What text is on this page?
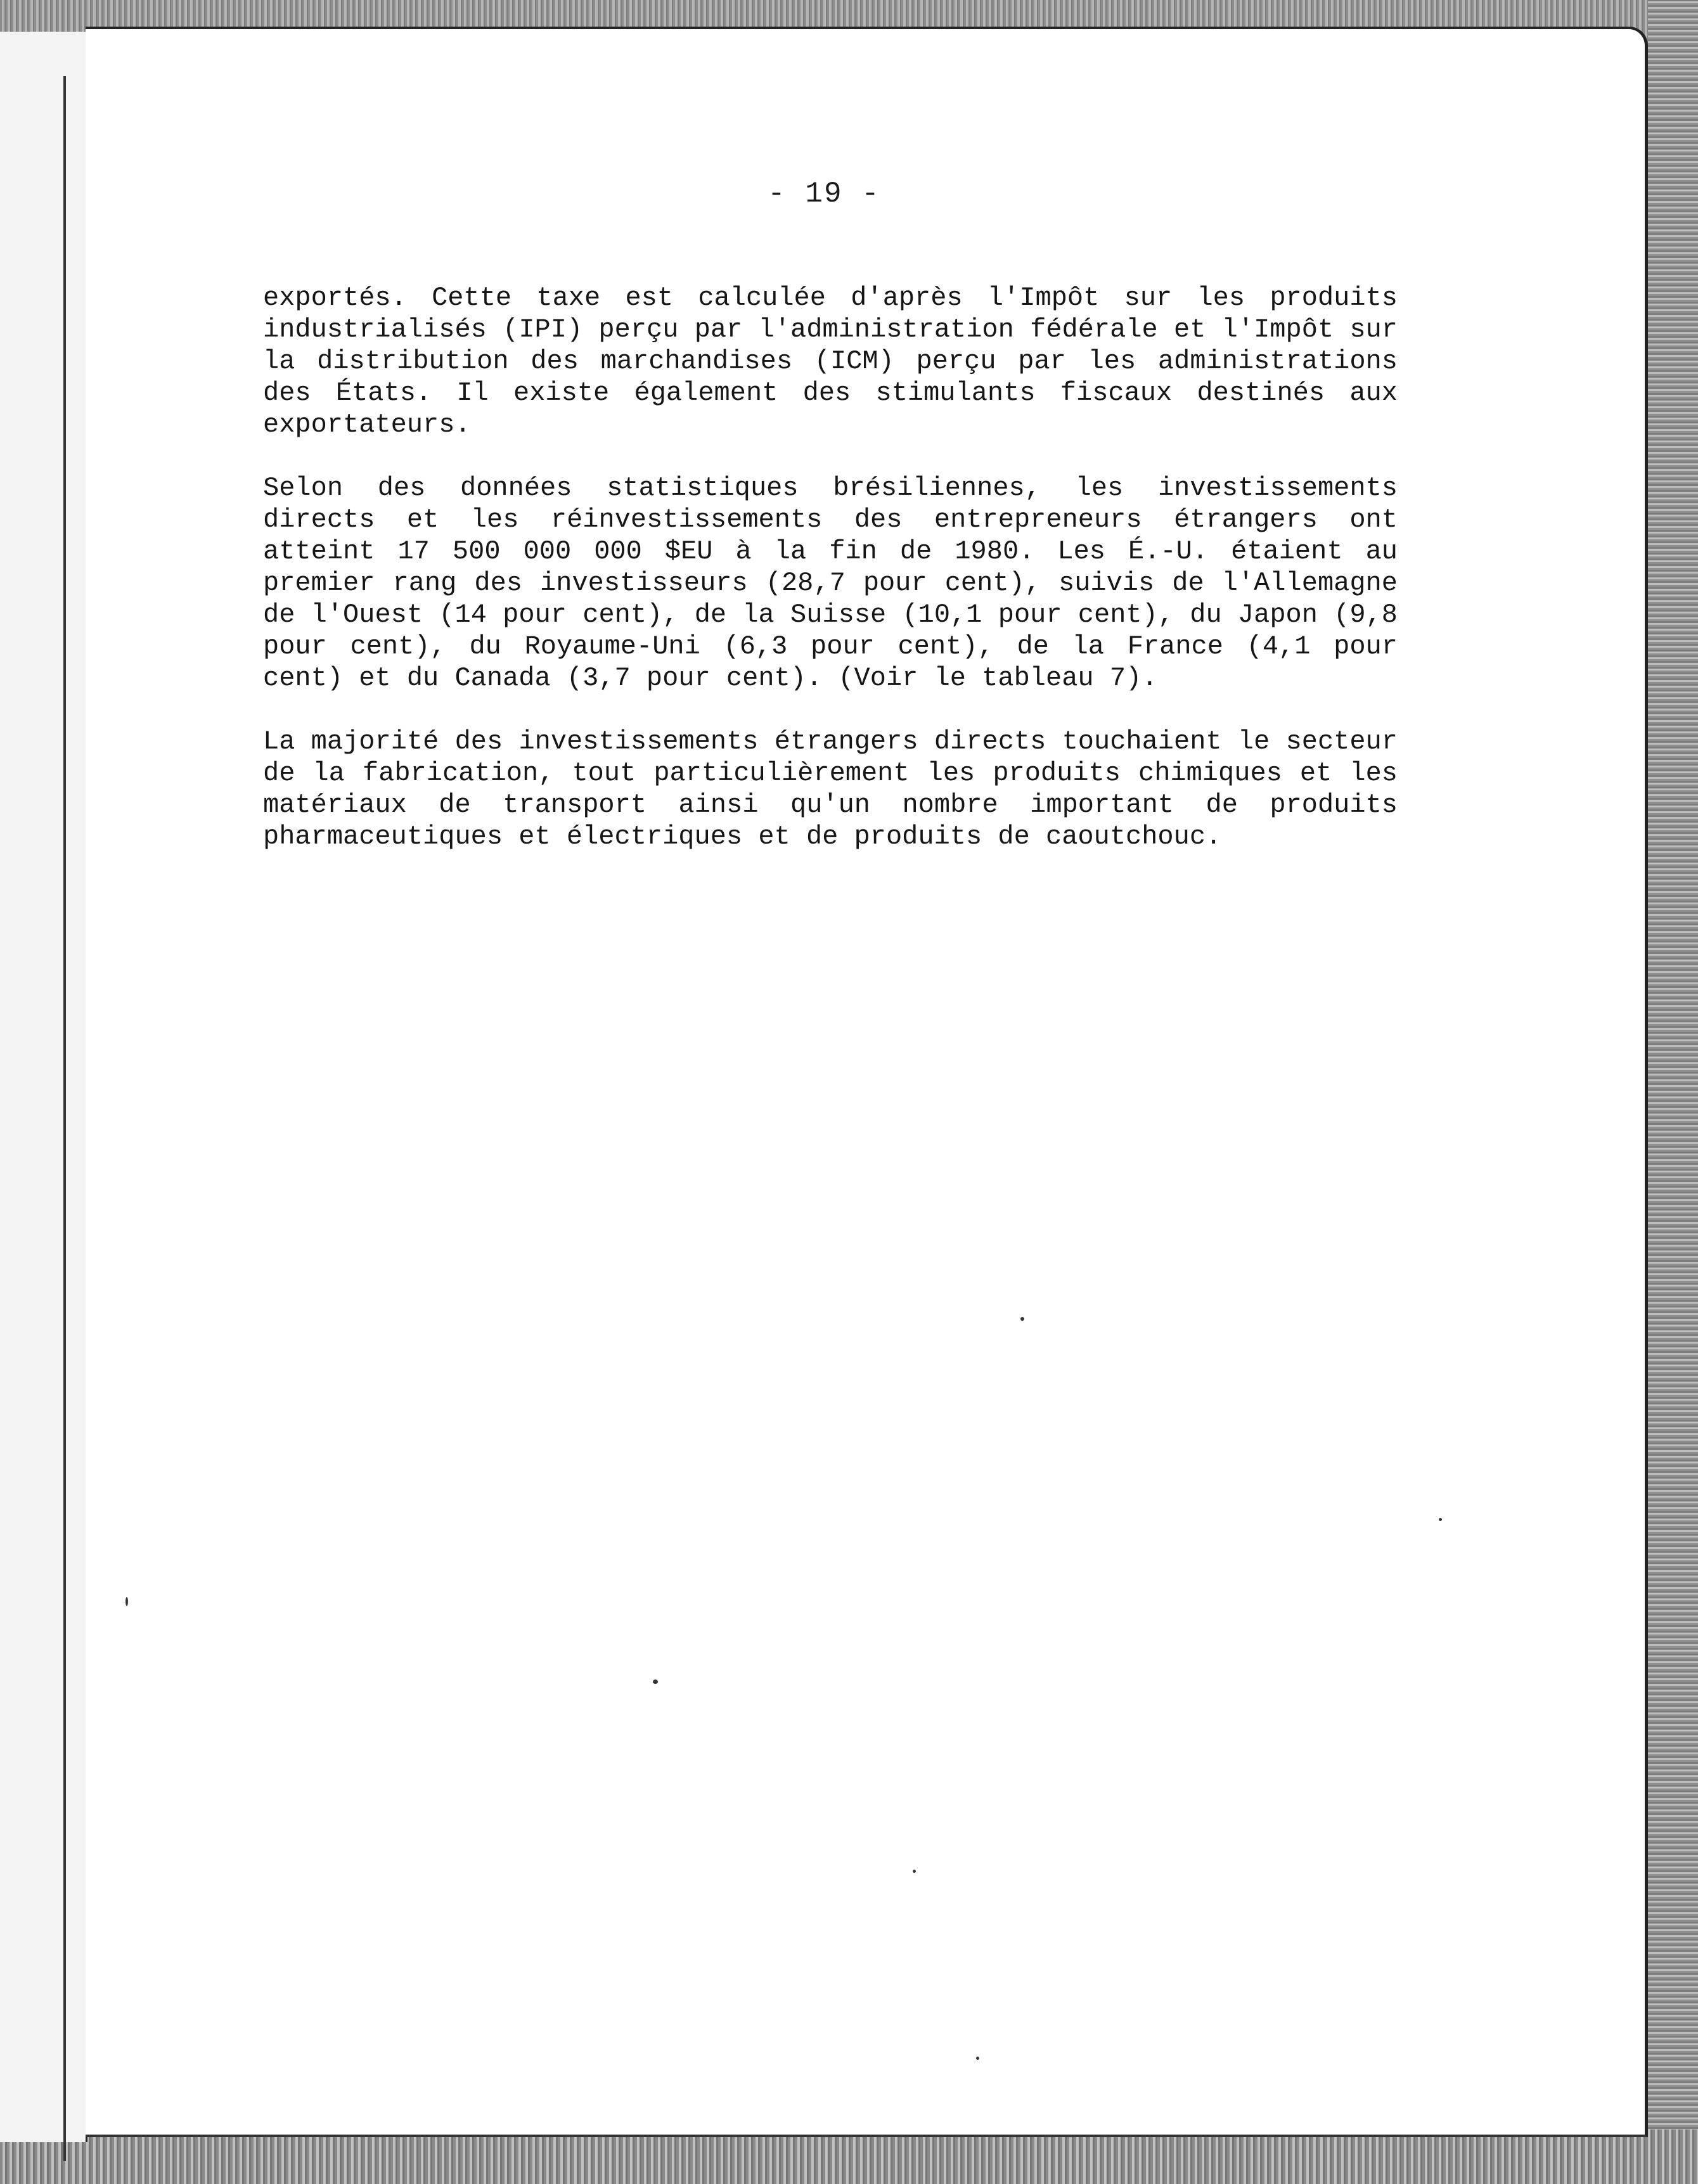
- 19 -

exportés. Cette taxe est calculée d'après l'Impôt sur les produits industrialisés (IPI) perçu par l'administration fédérale et l'Impôt sur la distribution des marchandises (ICM) perçu par les administrations des États. Il existe également des stimulants fiscaux destinés aux exportateurs.

Selon des données statistiques brésiliennes, les investissements directs et les réinvestissements des entrepreneurs étrangers ont atteint 17 500 000 000 $EU à la fin de 1980. Les É.-U. étaient au premier rang des investisseurs (28,7 pour cent), suivis de l'Allemagne de l'Ouest (14 pour cent), de la Suisse (10,1 pour cent), du Japon (9,8 pour cent), du Royaume-Uni (6,3 pour cent), de la France (4,1 pour cent) et du Canada (3,7 pour cent). (Voir le tableau 7).

La majorité des investissements étrangers directs touchaient le secteur de la fabrication, tout particulièrement les produits chimiques et les matériaux de transport ainsi qu'un nombre important de produits pharmaceutiques et électriques et de produits de caoutchouc.
